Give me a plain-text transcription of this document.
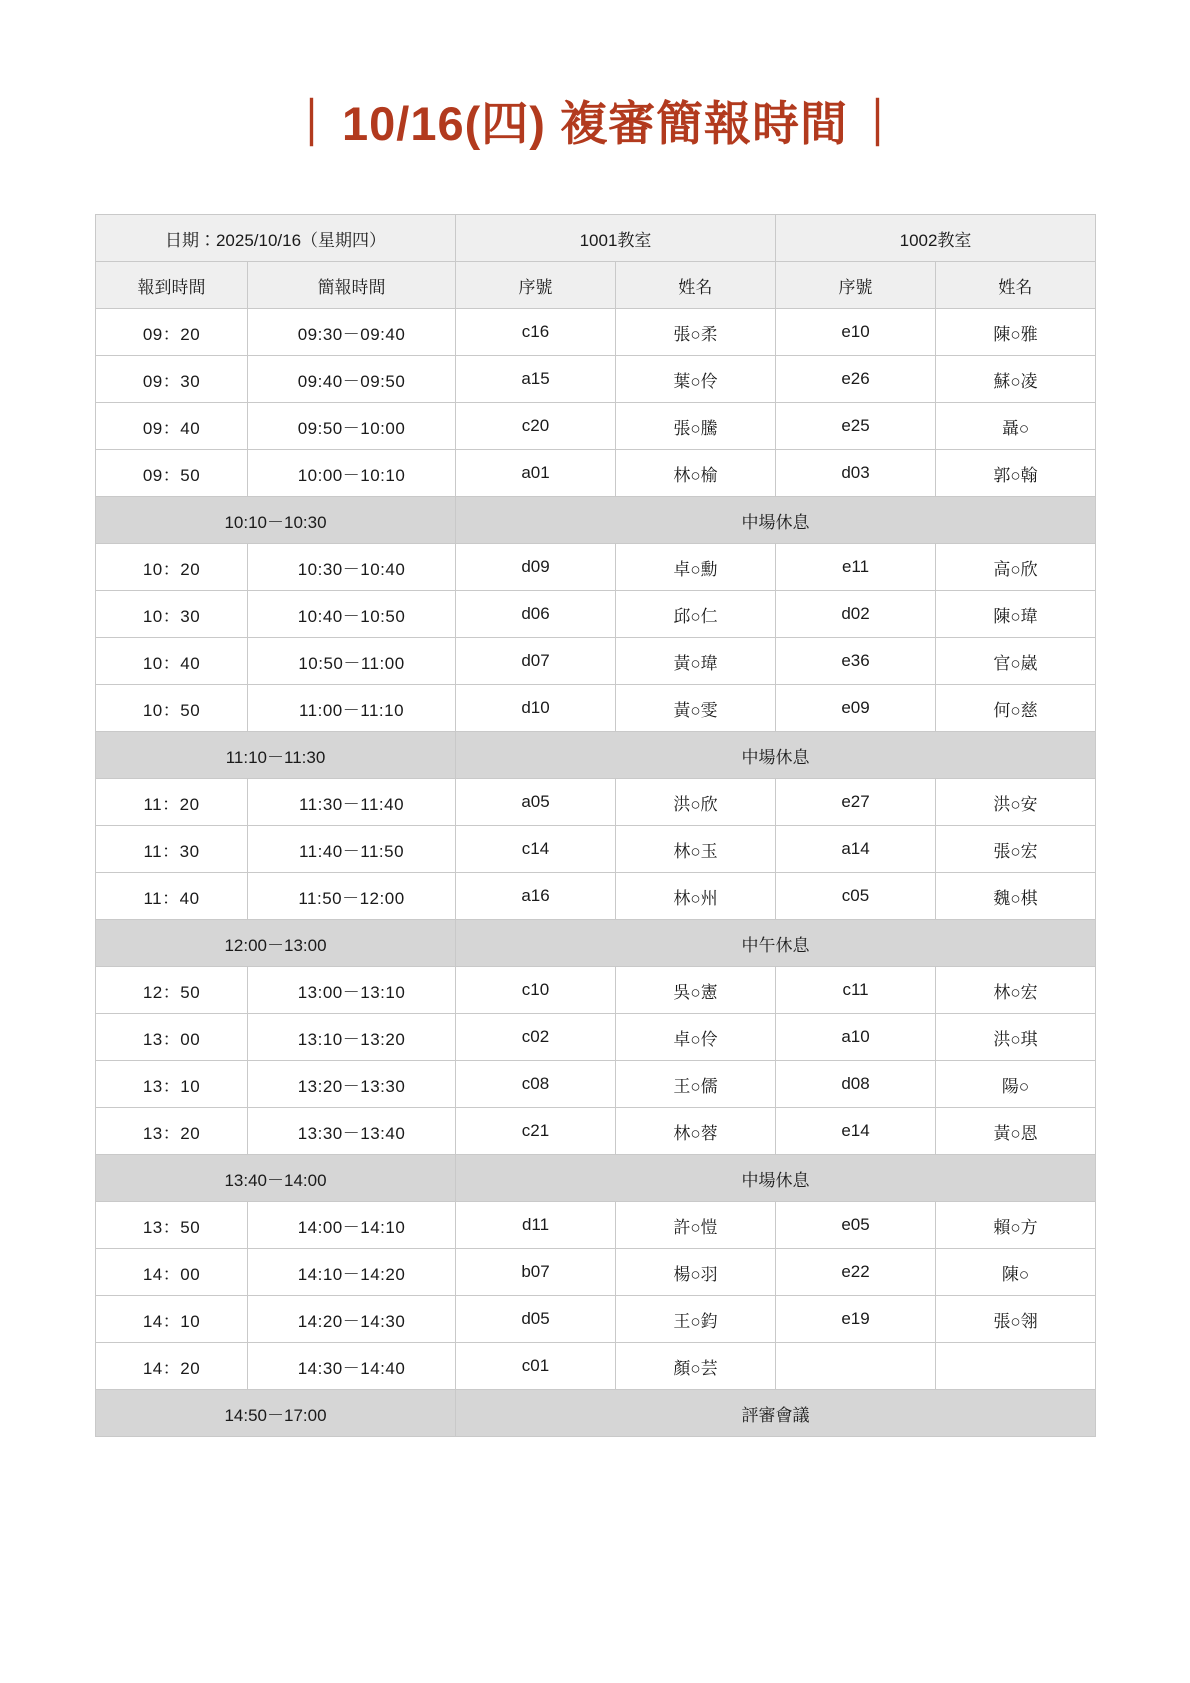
｜ 10/16(四) 複審簡報時間 ｜
日期：2025/10/16（星期四）		1001教室		1002教室	
報到時間	簡報時間	序號	姓名	序號	姓名
09：20	09:30－09:40	c16	張○柔	e10	陳○雅
09：30	09:40－09:50	a15	葉○伶	e26	蘇○凌
09：40	09:50－10:00	c20	張○騰	e25	聶○
09：50	10:00－10:10	a01	林○榆	d03	郭○翰
10:10－10:30		中場休息			
10：20	10:30－10:40	d09	卓○勳	e11	高○欣
10：30	10:40－10:50	d06	邱○仁	d02	陳○瑋
10：40	10:50－11:00	d07	黃○瑋	e36	官○崴
10：50	11:00－11:10	d10	黃○雯	e09	何○慈
11:10－11:30		中場休息			
11：20	11:30－11:40	a05	洪○欣	e27	洪○安
11：30	11:40－11:50	c14	林○玉	a14	張○宏
11：40	11:50－12:00	a16	林○州	c05	魏○棋
12:00－13:00		中午休息			
12：50	13:00－13:10	c10	吳○憲	c11	林○宏
13：00	13:10－13:20	c02	卓○伶	a10	洪○琪
13：10	13:20－13:30	c08	王○儒	d08	陽○
13：20	13:30－13:40	c21	林○蓉	e14	黃○恩
13:40－14:00		中場休息			
13：50	14:00－14:10	d11	許○愷	e05	賴○方
14：00	14:10－14:20	b07	楊○羽	e22	陳○
14：10	14:20－14:30	d05	王○鈞	e19	張○翎
14：20	14:30－14:40	c01	顏○芸		
14:50－17:00		評審會議			
